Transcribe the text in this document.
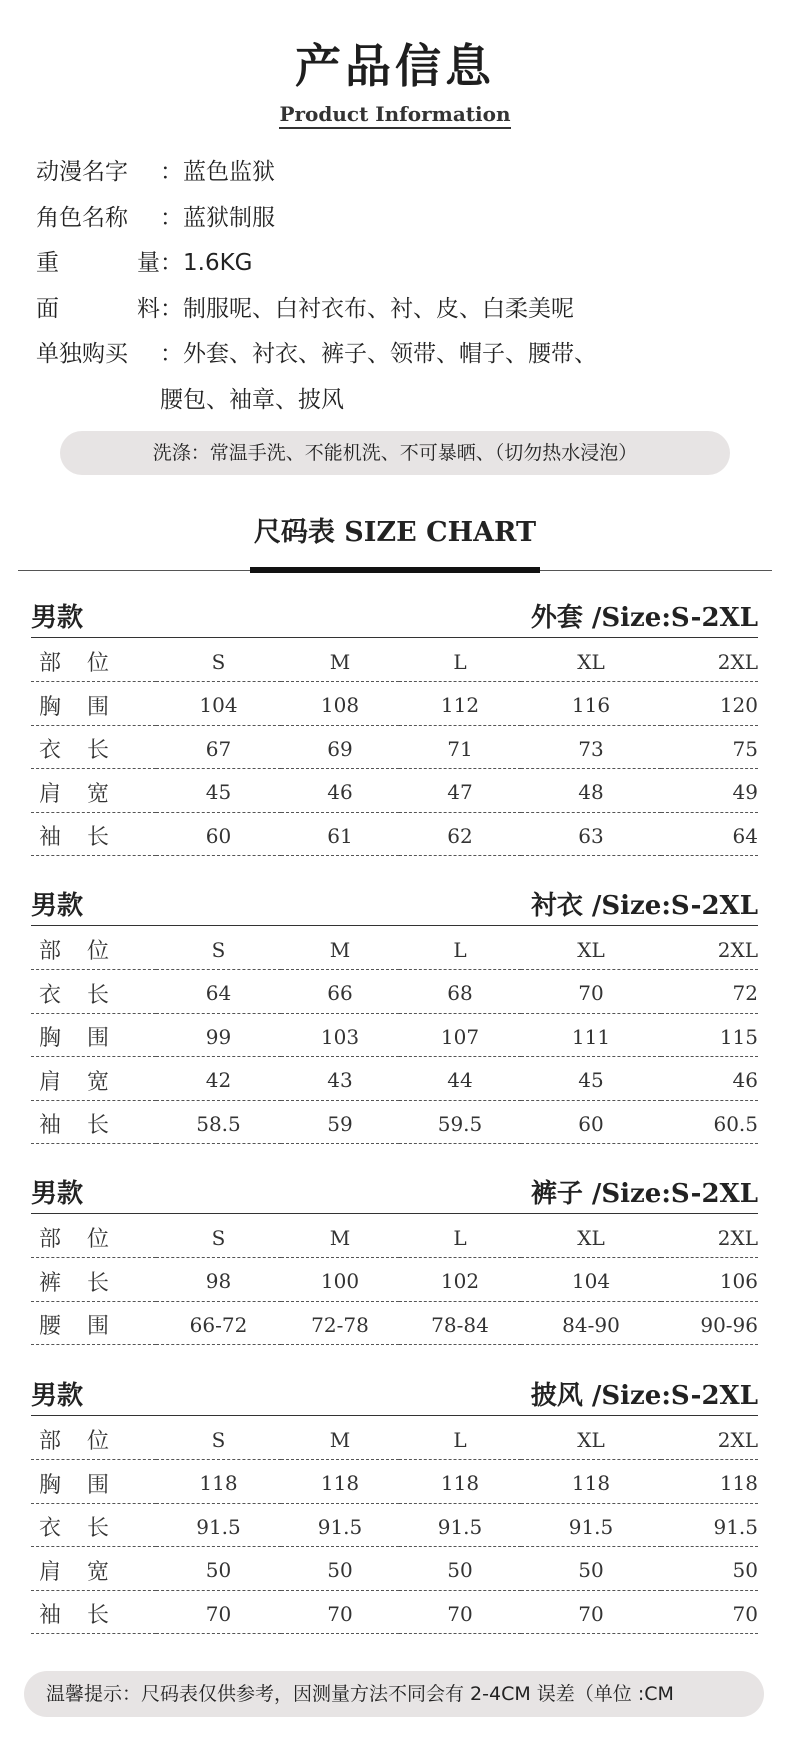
产品信息
Product Information
动漫名字 ：蓝色监狱
角色名称 ：蓝狱制服
重	量 ：1.6KG
面	料 ：制服呢、白衬衣布、衬、皮、白柔美呢
单独购买 ：外套、衬衣、裤子、领带、帽子、腰带、
腰包、袖章、披风
洗涤：常温手洗、不能机洗、不可暴晒、（切勿热水浸泡）
尺码表 SIZE CHART
男款	外套 /Size:S-2XL
部 位	S	M	L	XL	2XL
胸 围	104	108	112	116	120
衣 长	67	69	71	73	75
肩 宽	45	46	47	48	49
袖 长	60	61	62	63	64
男款	衬衣 /Size:S-2XL
部 位	S	M	L	XL	2XL
衣 长	64	66	68	70	72
胸 围	99	103	107	111	115
肩 宽	42	43	44	45	46
袖 长	58.5	59	59.5	60	60.5
男款	裤子 /Size:S-2XL
部 位	S	M	L	XL	2XL
裤 长	98	100	102	104	106
腰 围	66-72	72-78	78-84	84-90	90-96
男款	披风 /Size:S-2XL
部 位	S	M	L	XL	2XL
胸 围	118	118	118	118	118
衣 长	91.5	91.5	91.5	91.5	91.5
肩 宽	50	50	50	50	50
袖 长	70	70	70	70	70
温馨提示：尺码表仅供参考，因测量方法不同会有 2-4CM 误差（单位 :CM
